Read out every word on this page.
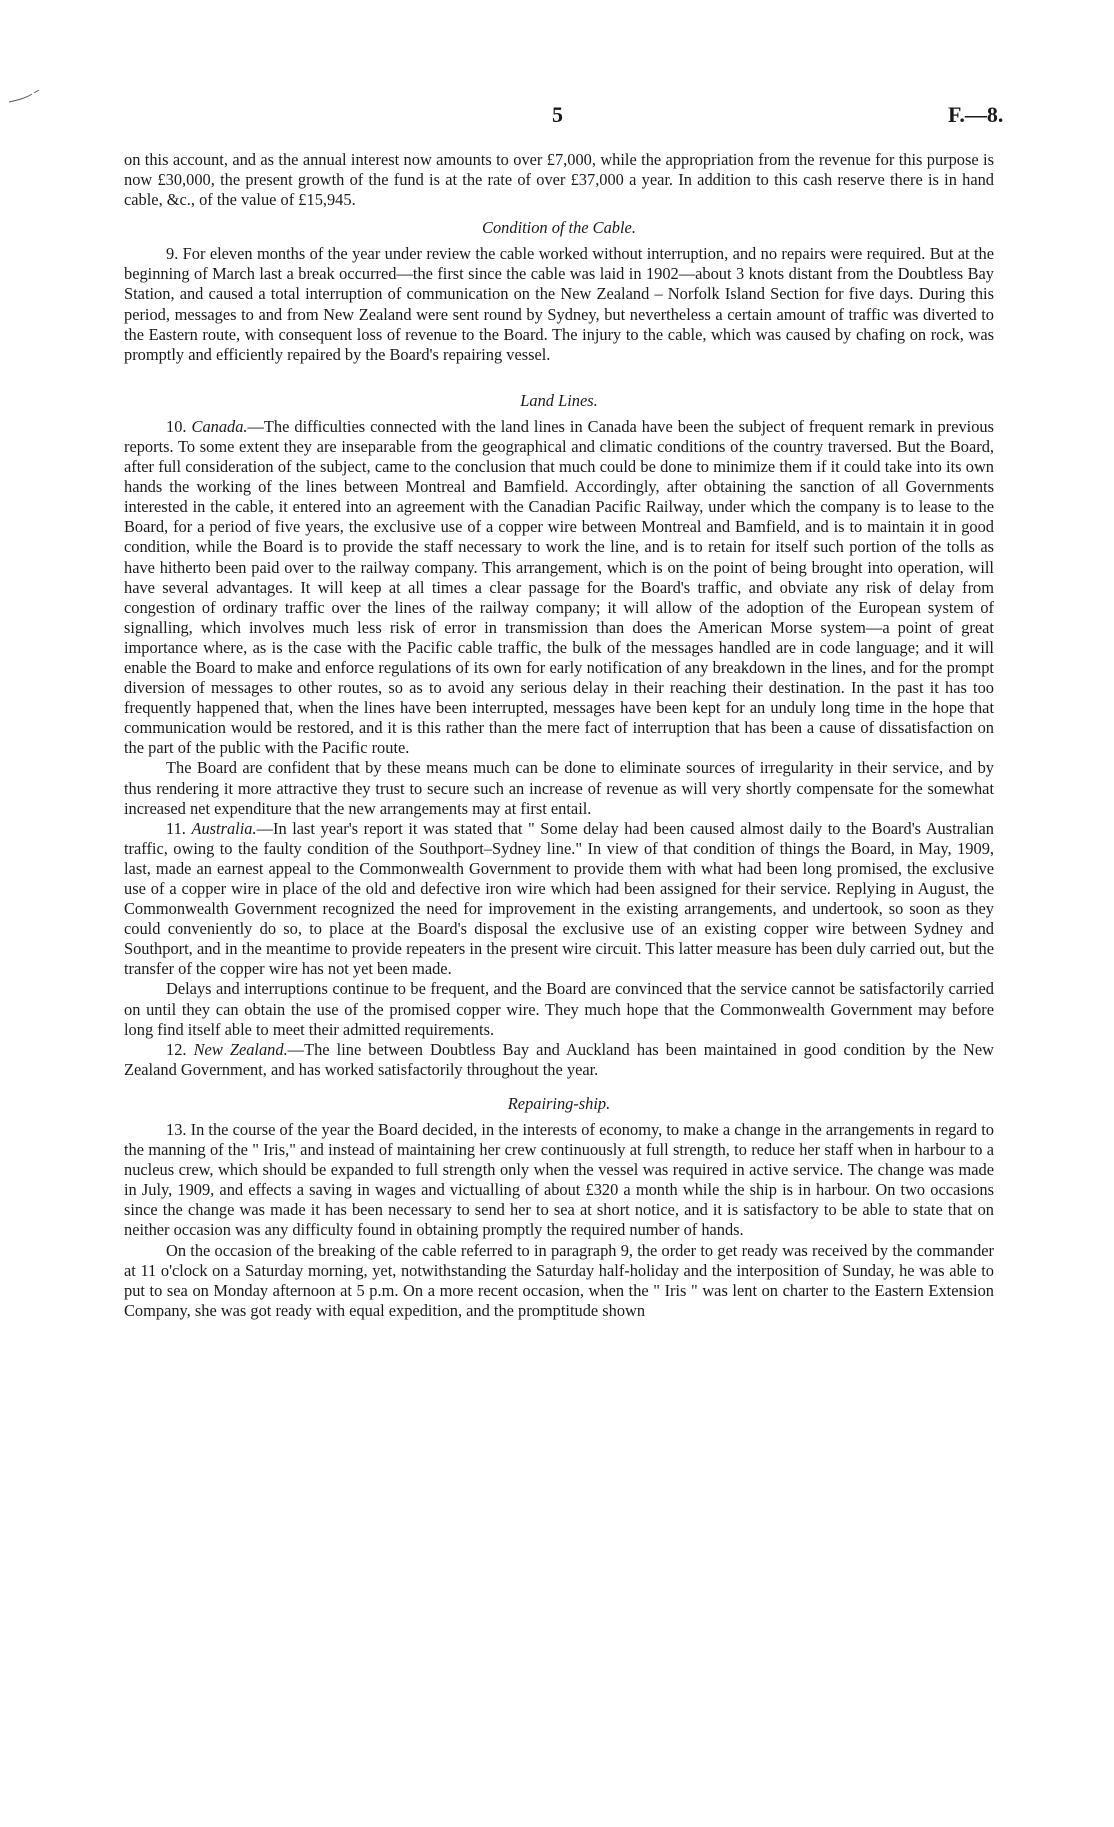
5	F.—8.

on this account, and as the annual interest now amounts to over £7,000, while the appropriation from the revenue for this purpose is now £30,000, the present growth of the fund is at the rate of over £37,000 a year. In addition to this cash reserve there is in hand cable, &c., of the value of £15,945.

Condition of the Cable.

9. For eleven months of the year under review the cable worked without interruption, and no repairs were required. But at the beginning of March last a break occurred—the first since the cable was laid in 1902—about 3 knots distant from the Doubtless Bay Station, and caused a total interruption of communication on the New Zealand – Norfolk Island Section for five days. During this period, messages to and from New Zealand were sent round by Sydney, but nevertheless a certain amount of traffic was diverted to the Eastern route, with consequent loss of revenue to the Board. The injury to the cable, which was caused by chafing on rock, was promptly and efficiently repaired by the Board's repairing vessel.

Land Lines.

10. Canada.—The difficulties connected with the land lines in Canada have been the subject of frequent remark in previous reports. To some extent they are inseparable from the geographical and climatic conditions of the country traversed. But the Board, after full consideration of the subject, came to the conclusion that much could be done to minimize them if it could take into its own hands the working of the lines between Montreal and Bamfield. Accordingly, after obtaining the sanction of all Governments interested in the cable, it entered into an agreement with the Canadian Pacific Railway, under which the company is to lease to the Board, for a period of five years, the exclusive use of a copper wire between Montreal and Bamfield, and is to maintain it in good condition, while the Board is to provide the staff necessary to work the line, and is to retain for itself such portion of the tolls as have hitherto been paid over to the railway company. This arrangement, which is on the point of being brought into operation, will have several advantages. It will keep at all times a clear passage for the Board's traffic, and obviate any risk of delay from congestion of ordinary traffic over the lines of the railway company; it will allow of the adoption of the European system of signalling, which involves much less risk of error in transmission than does the American Morse system—a point of great importance where, as is the case with the Pacific cable traffic, the bulk of the messages handled are in code language; and it will enable the Board to make and enforce regulations of its own for early notification of any breakdown in the lines, and for the prompt diversion of messages to other routes, so as to avoid any serious delay in their reaching their destination. In the past it has too frequently happened that, when the lines have been interrupted, messages have been kept for an unduly long time in the hope that communication would be restored, and it is this rather than the mere fact of interruption that has been a cause of dissatisfaction on the part of the public with the Pacific route.

The Board are confident that by these means much can be done to eliminate sources of irregularity in their service, and by thus rendering it more attractive they trust to secure such an increase of revenue as will very shortly compensate for the somewhat increased net expenditure that the new arrangements may at first entail.

11. Australia.—In last year's report it was stated that " Some delay had been caused almost daily to the Board's Australian traffic, owing to the faulty condition of the Southport–Sydney line." In view of that condition of things the Board, in May, 1909, last, made an earnest appeal to the Commonwealth Government to provide them with what had been long promised, the exclusive use of a copper wire in place of the old and defective iron wire which had been assigned for their service. Replying in August, the Commonwealth Government recognized the need for improvement in the existing arrangements, and undertook, so soon as they could conveniently do so, to place at the Board's disposal the exclusive use of an existing copper wire between Sydney and Southport, and in the meantime to provide repeaters in the present wire circuit. This latter measure has been duly carried out, but the transfer of the copper wire has not yet been made.

Delays and interruptions continue to be frequent, and the Board are convinced that the service cannot be satisfactorily carried on until they can obtain the use of the promised copper wire. They much hope that the Commonwealth Government may before long find itself able to meet their admitted requirements.

12. New Zealand.—The line between Doubtless Bay and Auckland has been maintained in good condition by the New Zealand Government, and has worked satisfactorily throughout the year.

Repairing-ship.

13. In the course of the year the Board decided, in the interests of economy, to make a change in the arrangements in regard to the manning of the " Iris," and instead of maintaining her crew continuously at full strength, to reduce her staff when in harbour to a nucleus crew, which should be expanded to full strength only when the vessel was required in active service. The change was made in July, 1909, and effects a saving in wages and victualling of about £320 a month while the ship is in harbour. On two occasions since the change was made it has been necessary to send her to sea at short notice, and it is satisfactory to be able to state that on neither occasion was any difficulty found in obtaining promptly the required number of hands.

On the occasion of the breaking of the cable referred to in paragraph 9, the order to get ready was received by the commander at 11 o'clock on a Saturday morning, yet, notwithstanding the Saturday half-holiday and the interposition of Sunday, he was able to put to sea on Monday afternoon at 5 p.m. On a more recent occasion, when the " Iris " was lent on charter to the Eastern Extension Company, she was got ready with equal expedition, and the promptitude shown
